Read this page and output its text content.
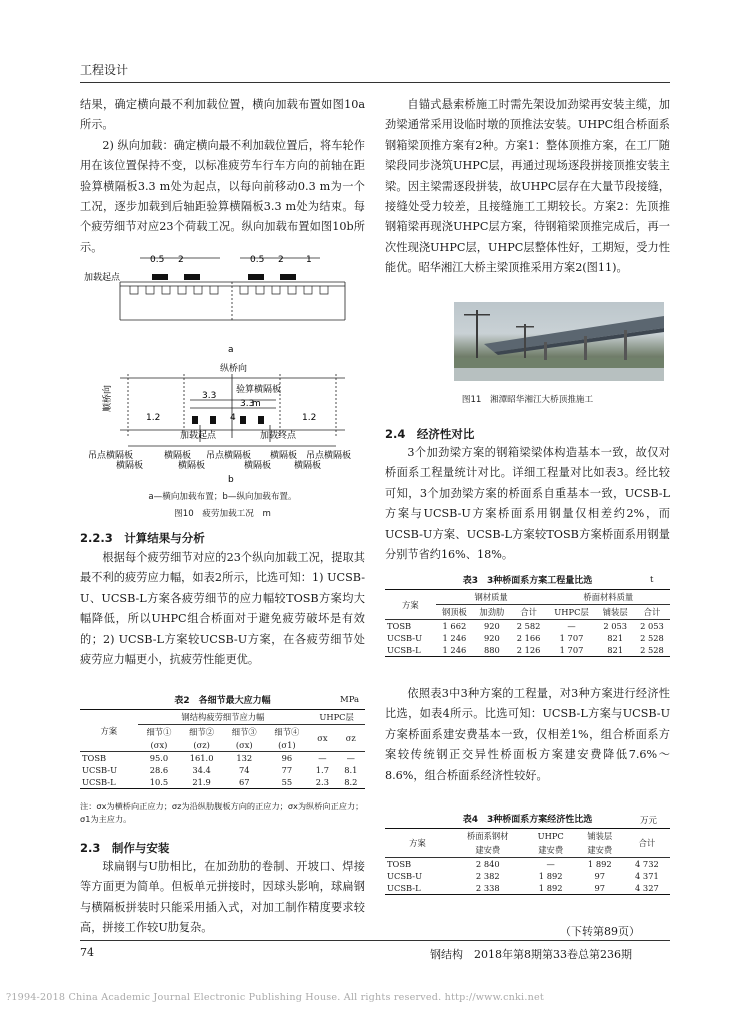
工程设计

结果，确定横向最不利加载位置，横向加载布置如图10a所示。

2) 纵向加载：确定横向最不利加载位置后，将车轮作用在该位置保持不变，以标准疲劳车行车方向的前轴在距验算横隔板3.3 m处为起点，以每向前移动0.3 m为一个工况，逐步加载到后轴距验算横隔板3.3 m处为结束。每个疲劳细节对应23个荷载工况。纵向加载布置如图10b所示。

0.5 2	0.5 2 1
加载起点
a
纵桥向
验算横隔板
3.3
3.3
m
顺桥向
加载起点	加载终点
吊点横隔板	横隔板 吊点横隔板 横隔板 吊点横隔板
横隔板	横隔板	横隔板	横隔板
1.2	4	1.2
b
a—横向加载布置；b—纵向加载布置。
图10　疲劳加载工况　m
2.2.3　计算结果与分析

根据每个疲劳细节对应的23个纵向加载工况，提取其最不利的疲劳应力幅，如表2所示，比选可知：1) UCSB-U、UCSB-L方案各疲劳细节的应力幅较TOSB方案均大幅降低，所以UHPC组合桥面对于避免疲劳破坏是有效的；2) UCSB-L方案较UCSB-U方案，在各疲劳细节处疲劳应力幅更小，抗疲劳性能更优。

表2　各细节最大应力幅	MPa
方案	钢结构疲劳细节应力幅				UHPC层	
	细节①	细节②	细节③	细节④	σx	σz
	(σx)	(σz)	(σx)	(σ1)		
TOSB	95.0	161.0	132	96	—	—
UCSB-U	28.6	34.4	74	77	1.7	8.1
UCSB-L	10.5	21.9	67	55	2.3	8.2
注：σx为横桥向正应力；σz为沿纵肋腹板方向的正应力；σx为纵桥向正应力；σ1为主应力。
2.3　制作与安装

球扁钢与U肋相比，在加劲肋的卷制、开坡口、焊接等方面更为简单。但板单元拼接时，因球头影响，球扁钢与横隔板拼装时只能采用插入式，对加工制作精度要求较高，拼接工作较U肋复杂。

自锚式悬索桥施工时需先架设加劲梁再安装主缆，加劲梁通常采用设临时墩的顶推法安装。UHPC组合桥面系钢箱梁顶推方案有2种。方案1：整体顶推方案，在工厂随梁段同步浇筑UHPC层，再通过现场逐段拼接顶推安装主梁。因主梁需逐段拼装，故UHPC层存在大量节段接缝，接缝处受力较差，且接缝施工工期较长。方案2：先顶推钢箱梁再现浇UHPC层方案，待钢箱梁顶推完成后，再一次性现浇UHPC层，UHPC层整体性好，工期短，受力性能优。昭华湘江大桥主梁顶推采用方案2(图11)。

图11　湘潭昭华湘江大桥顶推施工
2.4　经济性对比

3个加劲梁方案的钢箱梁梁体构造基本一致，故仅对桥面系工程量统计对比。详细工程量对比如表3。经比较可知，3个加劲梁方案的桥面系自重基本一致，UCSB-L方案与UCSB-U方案桥面系用钢量仅相差约2%，而UCSB-U方案、UCSB-L方案较TOSB方案桥面系用钢量分别节省约16%、18%。

表3　3种桥面系方案工程量比选	t
方案	钢材质量			桥面材料质量		
	钢顶板	加劲肋	合计	UHPC层	铺装层	合计
TOSB	1 662	920	2 582	—	2 053	2 053
UCSB-U	1 246	920	2 166	1 707	821	2 528
UCSB-L	1 246	880	2 126	1 707	821	2 528

依照表3中3种方案的工程量，对3种方案进行经济性比选，如表4所示。比选可知：UCSB-L方案与UCSB-U方案桥面系建安费基本一致，仅相差1%，组合桥面系方案较传统钢正交异性桥面板方案建安费降低7.6%～8.6%，组合桥面系经济性较好。

表4　3种桥面系方案经济性比选	万元
方案	桥面系钢材	UHPC	铺装层	合计
	建安费	建安费	建安费	
TOSB	2 840	—	1 892	4 732
UCSB-U	2 382	1 892	97	4 371
UCSB-L	2 338	1 892	97	4 327
（下转第89页）
74	钢结构　2018年第8期第33卷总第236期
?1994-2018 China Academic Journal Electronic Publishing House. All rights reserved. http://www.cnki.net
